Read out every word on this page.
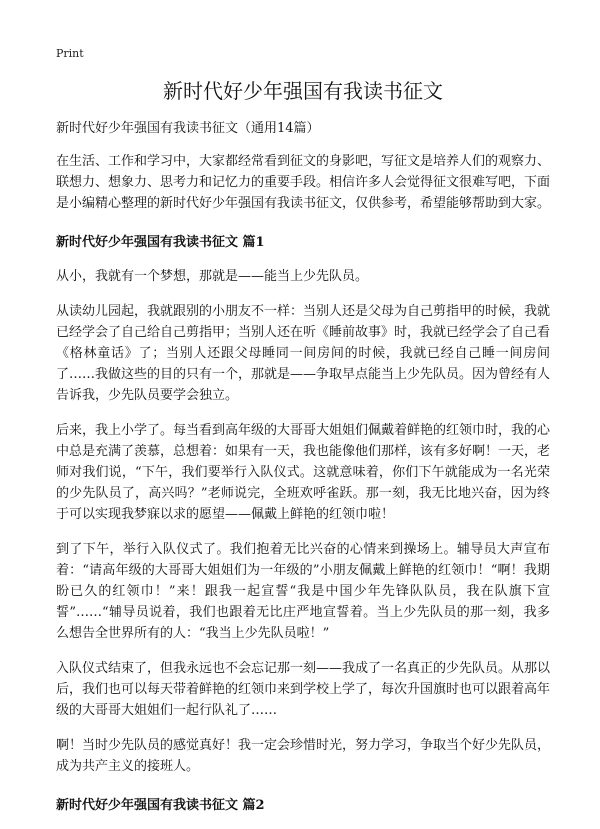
Print
新时代好少年强国有我读书征文

新时代好少年强国有我读书征文（通用14篇）

在生活、工作和学习中，大家都经常看到征文的身影吧，写征文是培养人们的观察力、联想力、想象力、思考力和记忆力的重要手段。相信许多人会觉得征文很难写吧，下面是小编精心整理的新时代好少年强国有我读书征文，仅供参考，希望能够帮助到大家。

新时代好少年强国有我读书征文 篇1

从小，我就有一个梦想，那就是——能当上少先队员。

从读幼儿园起，我就跟别的小朋友不一样：当别人还是父母为自己剪指甲的时候，我就已经学会了自己给自己剪指甲；当别人还在听《睡前故事》时，我就已经学会了自己看《格林童话》了；当别人还跟父母睡同一间房间的时候，我就已经自己睡一间房间了……我做这些的目的只有一个，那就是——争取早点能当上少先队员。因为曾经有人告诉我，少先队员要学会独立。

后来，我上小学了。每当看到高年级的大哥哥大姐姐们佩戴着鲜艳的红领巾时，我的心中总是充满了羡慕，总想着：如果有一天，我也能像他们那样，该有多好啊！一天，老师对我们说，“下午，我们要举行入队仪式。这就意味着，你们下午就能成为一名光荣的少先队员了，高兴吗？”老师说完，全班欢呼雀跃。那一刻，我无比地兴奋，因为终于可以实现我梦寐以求的愿望——佩戴上鲜艳的红领巾啦！

到了下午，举行入队仪式了。我们抱着无比兴奋的心情来到操场上。辅导员大声宣布着：“请高年级的大哥哥大姐姐们为一年级的”小朋友佩戴上鲜艳的红领巾！“啊！我期盼已久的红领巾！”来！跟我一起宣誓“我是中国少年先锋队队员，我在队旗下宣誓”……“辅导员说着，我们也跟着无比庄严地宣誓着。当上少先队员的那一刻，我多么想告全世界所有的人：“我当上少先队员啦！”

入队仪式结束了，但我永远也不会忘记那一刻——我成了一名真正的少先队员。从那以后，我们也可以每天带着鲜艳的红领巾来到学校上学了，每次升国旗时也可以跟着高年级的大哥哥大姐姐们一起行队礼了……

啊！当时少先队员的感觉真好！我一定会珍惜时光，努力学习，争取当个好少先队员，成为共产主义的接班人。

新时代好少年强国有我读书征文 篇2
